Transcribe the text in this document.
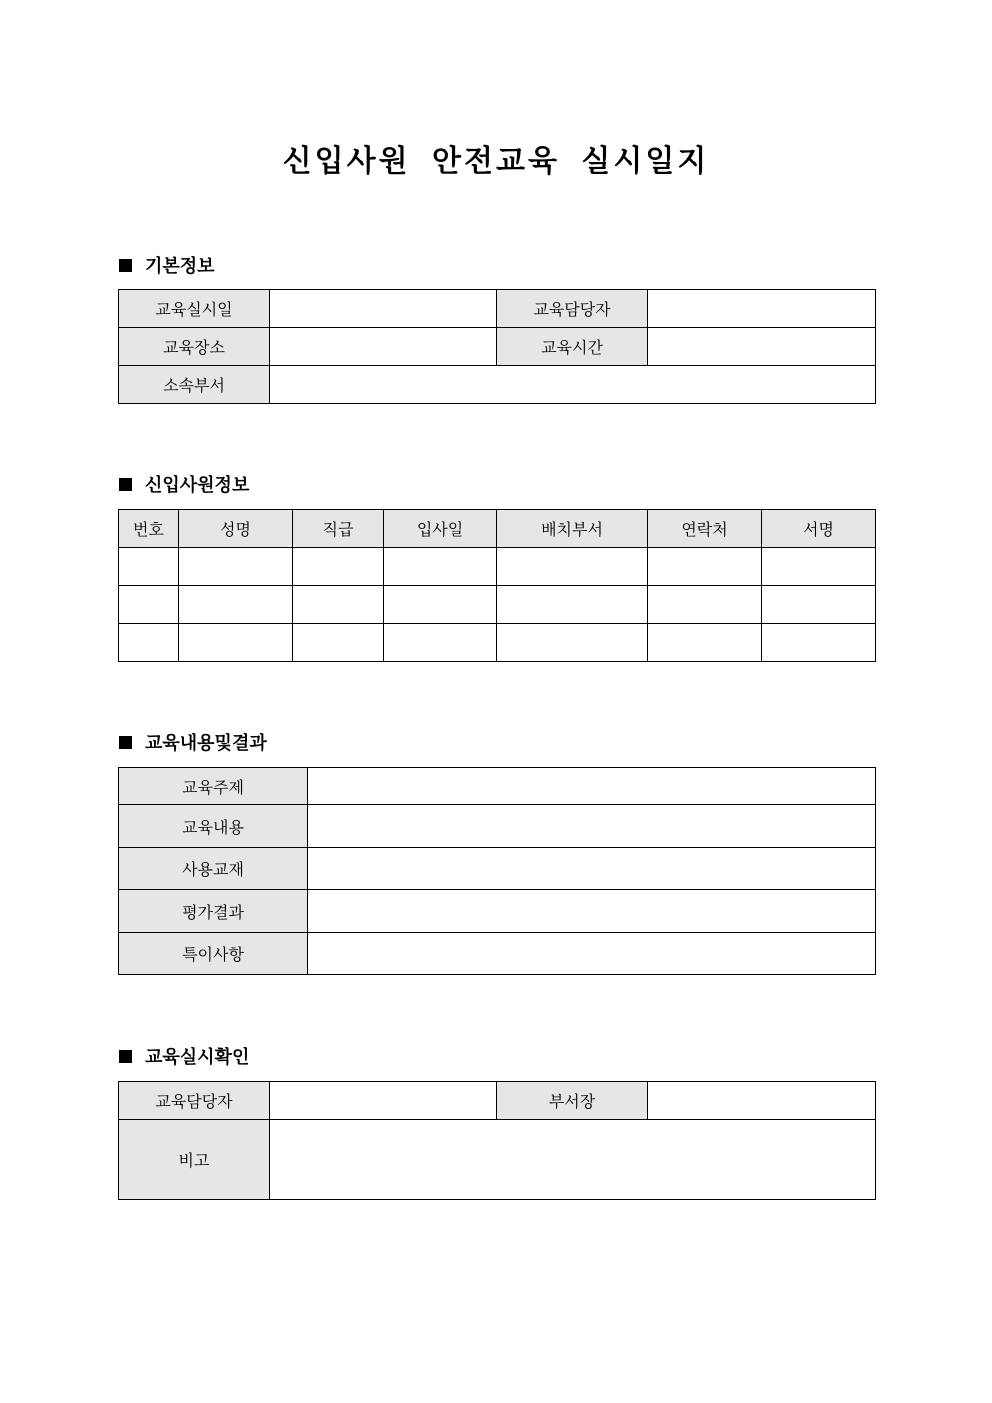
신입사원 안전교육 실시일지
기본정보
교육실시일		교육담당자	
교육장소		교육시간	
소속부서			
신입사원정보
번호	성명	직급	입사일	배치부서	연락처	서명

교육내용및결과
교육주제	
교육내용	
사용교재	
평가결과	
특이사항	
교육실시확인
교육담당자		부서장	
비고			
